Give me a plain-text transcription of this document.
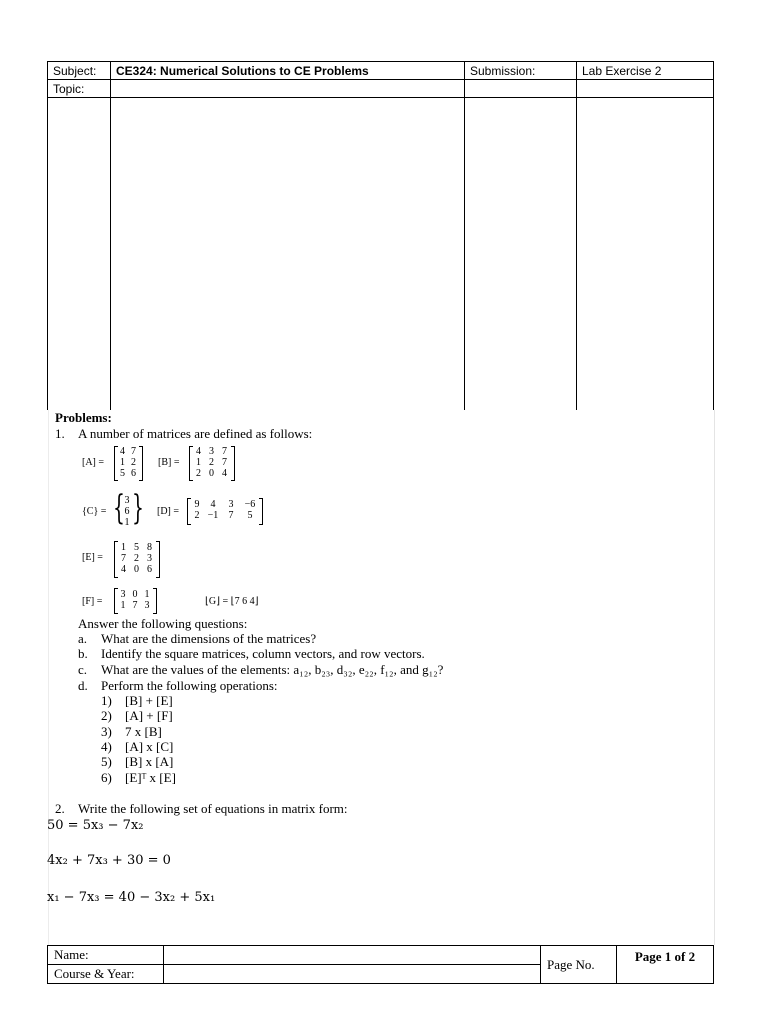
Subject:	CE324: Numerical Solutions to CE Problems	Submission:	Lab Exercise 2
Topic:			
Problems:
1. A number of matrices are defined as follows:
[A] =
4 7
1 2
5 6
[B] =
4 3 7
1 2 7
2 0 4
{C} = { 3
6
1 } [D] =
9	4	3	−6
2 −1	7	5
[E] =
1 5 8
7 2 3
4 0 6
[F] =
3 0 1
1 7 3	⌊G⌋ = ⌊7 6 4⌋
Answer the following questions:
a. What are the dimensions of the matrices?
b. Identify the square matrices, column vectors, and row vectors.
c. What are the values of the elements: a₁₂, b₂₃, d₃₂, e₂₂, f₁₂, and g₁₂?
d. Perform the following operations:
1) [B] + [E]
2) [A] + [F]
3) 7 x [B]
4) [A] x [C]
5) [B] x [A]
6) [E]ᵀ x [E]
2. Write the following set of equations in matrix form:
50 = 5x₃ − 7x₂
4x₂ + 7x₃ + 30 = 0
x₁ − 7x₃ = 40 − 3x₂ + 5x₁
Name:		Page No.	Page 1 of 2
Course & Year:			
